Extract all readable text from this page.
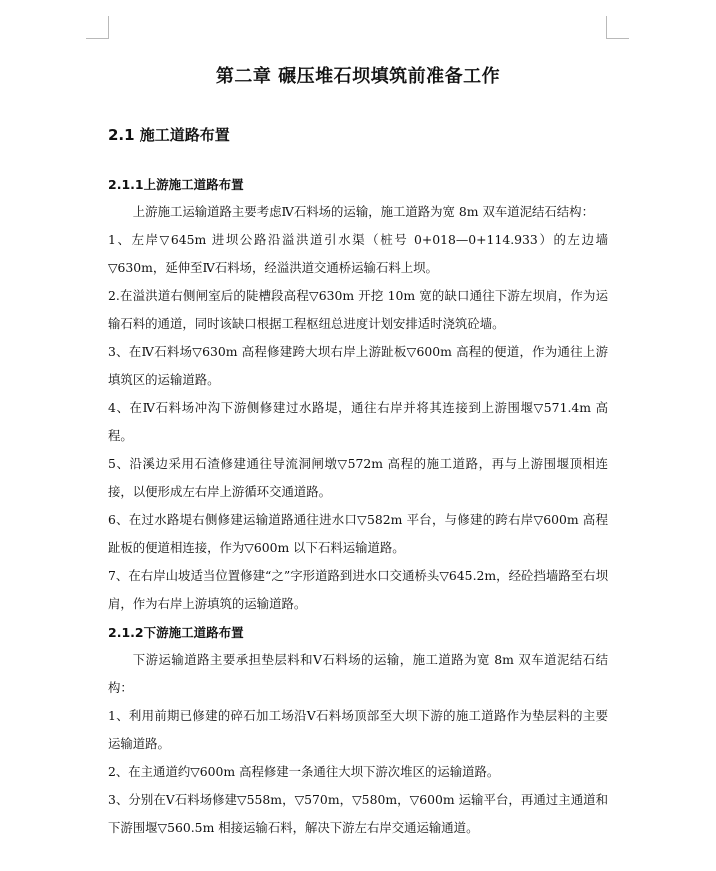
第二章 碾压堆石坝填筑前准备工作
2.1 施工道路布置
2.1.1上游施工道路布置

上游施工运输道路主要考虑Ⅳ石料场的运输，施工道路为宽 8m 双车道泥结石结构：

1、左岸▽645m 进坝公路沿溢洪道引水渠（桩号 0+018—0+114.933）的左边墙▽630m，延伸至Ⅳ石料场，经溢洪道交通桥运输石料上坝。

2.在溢洪道右侧闸室后的陡槽段高程▽630m 开挖 10m 宽的缺口通往下游左坝肩，作为运输石料的通道，同时该缺口根据工程枢纽总进度计划安排适时浇筑砼墙。

3、在Ⅳ石料场▽630m 高程修建跨大坝右岸上游趾板▽600m 高程的便道，作为通往上游填筑区的运输道路。

4、在Ⅳ石料场冲沟下游侧修建过水路堤，通往右岸并将其连接到上游围堰▽571.4m 高程。

5、沿溪边采用石渣修建通往导流洞闸墩▽572m 高程的施工道路，再与上游围堰顶相连接，以便形成左右岸上游循环交通道路。

6、在过水路堤右侧修建运输道路通往进水口▽582m 平台，与修建的跨右岸▽600m 高程趾板的便道相连接，作为▽600m 以下石料运输道路。

7、在右岸山坡适当位置修建“之”字形道路到进水口交通桥头▽645.2m，经砼挡墙路至右坝肩，作为右岸上游填筑的运输道路。

2.1.2下游施工道路布置

下游运输道路主要承担垫层料和Ⅴ石料场的运输，施工道路为宽 8m 双车道泥结石结构：

1、利用前期已修建的碎石加工场沿Ⅴ石料场顶部至大坝下游的施工道路作为垫层料的主要运输道路。

2、在主通道约▽600m 高程修建一条通往大坝下游次堆区的运输道路。

3、分别在Ⅴ石料场修建▽558m，▽570m，▽580m，▽600m 运输平台，再通过主通道和下游围堰▽560.5m 相接运输石料，解决下游左右岸交通运输通道。
